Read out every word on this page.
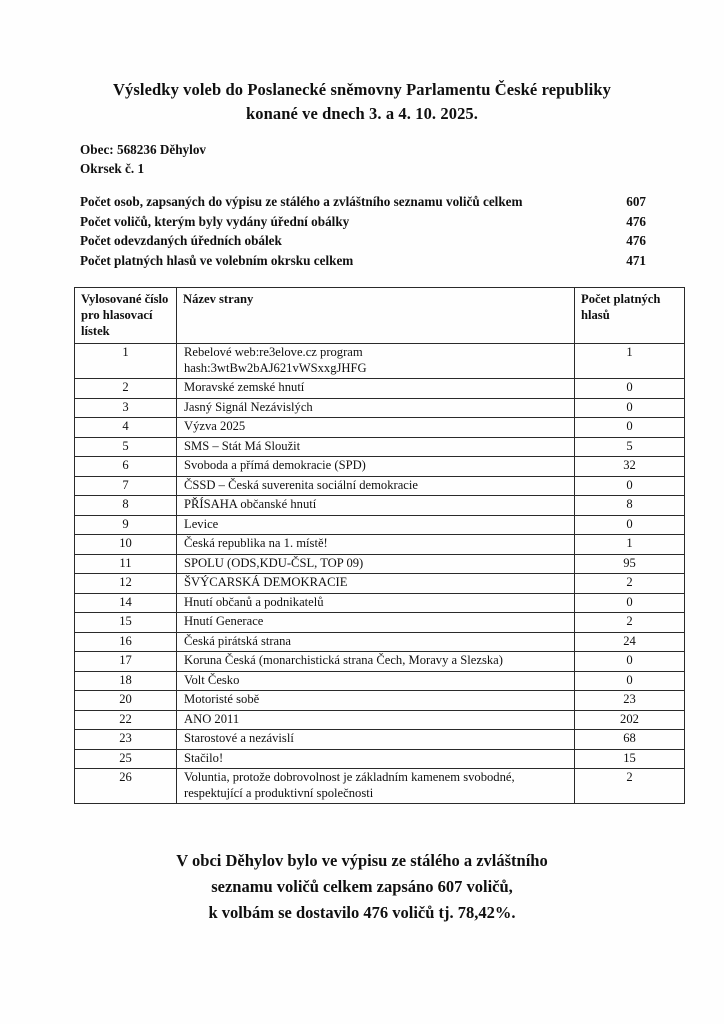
Výsledky voleb do Poslanecké sněmovny Parlamentu České republiky
konané ve dnech 3. a 4. 10. 2025.
Obec: 568236 Děhylov
Okrsek č. 1
Počet osob, zapsaných do výpisu ze stálého a zvláštního seznamu voličů celkem	607
Počet voličů, kterým byly vydány úřední obálky	476
Počet odevzdaných úředních obálek	476
Počet platných hlasů ve volebním okrsku celkem	471
Vylosované číslo pro hlasovací lístek	Název strany	Počet platných hlasů
1	Rebelové web:re3elove.cz program
hash:3wtBw2bAJ621vWSxxgJHFG	1
2	Moravské zemské hnutí	0
3	Jasný Signál Nezávislých	0
4	Výzva 2025	0
5	SMS – Stát Má Sloužit	5
6	Svoboda a přímá demokracie (SPD)	32
7	ČSSD – Česká suverenita sociální demokracie	0
8	PŘÍSAHA občanské hnutí	8
9	Levice	0
10	Česká republika na 1. místě!	1
11	SPOLU (ODS,KDU-ČSL, TOP 09)	95
12	ŠVÝCARSKÁ DEMOKRACIE	2
14	Hnutí občanů a podnikatelů	0
15	Hnutí Generace	2
16	Česká pirátská strana	24
17	Koruna Česká (monarchistická strana Čech, Moravy a Slezska)	0
18	Volt Česko	0
20	Motoristé sobě	23
22	ANO 2011	202
23	Starostové a nezávislí	68
25	Stačilo!	15
26	Voluntia, protože dobrovolnost je základním kamenem svobodné,
respektující a produktivní společnosti	2
V obci Děhylov bylo ve výpisu ze stálého a zvláštního
seznamu voličů celkem zapsáno 607 voličů,
k volbám se dostavilo 476 voličů tj. 78,42%.
